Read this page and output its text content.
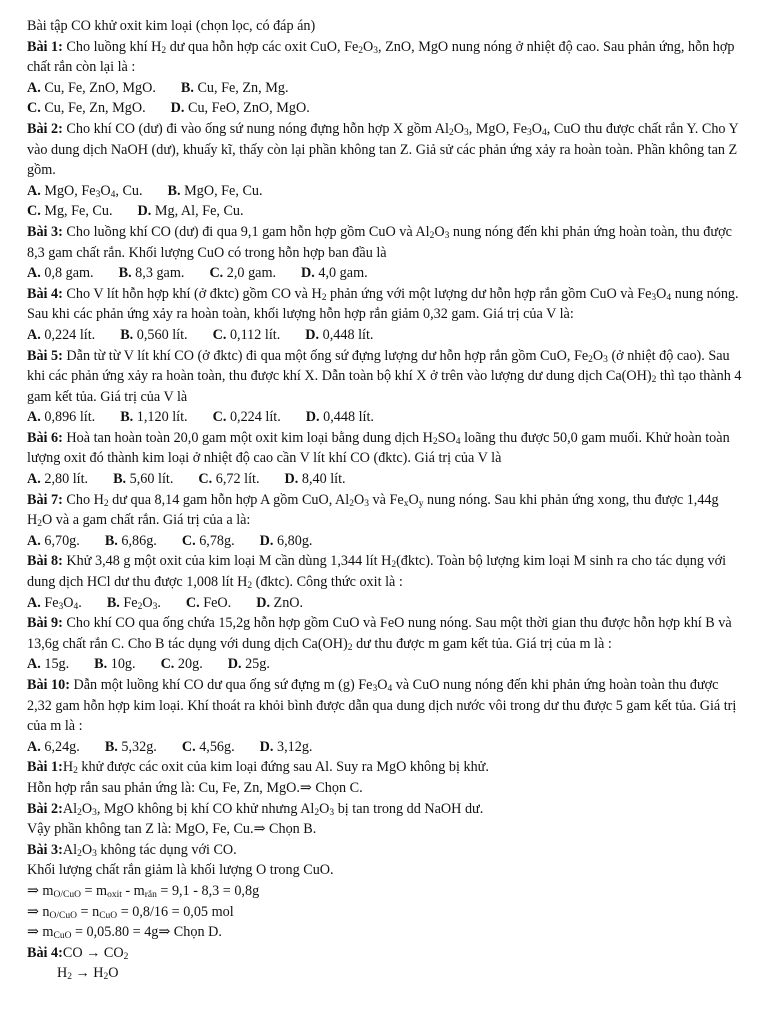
Bài tập CO khử oxit kim loại (chọn lọc, có đáp án)
Bài 1: Cho luồng khí $H_2$ dư qua hỗn hợp các oxit CuO, $Fe_2O_3$, ZnO, MgO nung nóng ở nhiệt độ cao. Sau phản ứng, hỗn hợp chất rắn còn lại là :
A. Cu, Fe, ZnO, MgO. B. Cu, Fe, Zn, Mg.
C. Cu, Fe, Zn, MgO. D. Cu, FeO, ZnO, MgO.
Bài 2: Cho khí CO (dư) đi vào ống sứ nung nóng đựng hỗn hợp X gồm $Al_2O_3$, MgO, $Fe_3O_4$, CuO thu được chất rắn Y. Cho Y vào dung dịch NaOH (dư), khuấy kĩ, thấy còn lại phần không tan Z. Giả sử các phản ứng xảy ra hoàn toàn. Phần không tan Z gồm.
A. MgO, $Fe_3O_4$, Cu. B. MgO, Fe, Cu.
C. Mg, Fe, Cu. D. Mg, Al, Fe, Cu.
Bài 3: Cho luồng khí CO (dư) đi qua 9,1 gam hỗn hợp gồm CuO và $Al_2O_3$ nung nóng đến khi phản ứng hoàn toàn, thu được 8,3 gam chất rắn. Khối lượng CuO có trong hỗn hợp ban đầu là
A. 0,8 gam. B. 8,3 gam. C. 2,0 gam. D. 4,0 gam.
Bài 4: Cho V lít hỗn hợp khí (ở đktc) gồm CO và $H_2$ phản ứng với một lượng dư hỗn hợp rắn gồm CuO và $Fe_3O_4$ nung nóng. Sau khi các phản ứng xảy ra hoàn toàn, khối lượng hỗn hợp rắn giảm 0,32 gam. Giá trị của V là:
A. 0,224 lít. B. 0,560 lít. C. 0,112 lít. D. 0,448 lít.
Bài 5: Dẫn từ từ V lít khí CO (ở đktc) đi qua một ống sứ đựng lượng dư hỗn hợp rắn gồm CuO, $Fe_2O_3$ (ở nhiệt độ cao). Sau khi các phản ứng xảy ra hoàn toàn, thu được khí X. Dẫn toàn bộ khí X ở trên vào lượng dư dung dịch $Ca(OH)_2$ thì tạo thành 4 gam kết tủa. Giá trị của V là
A. 0,896 lít. B. 1,120 lít. C. 0,224 lít. D. 0,448 lít.
Bài 6: Hoà tan hoàn toàn 20,0 gam một oxit kim loại bằng dung dịch $H_2SO_4$ loãng thu được 50,0 gam muối. Khử hoàn toàn lượng oxit đó thành kim loại ở nhiệt độ cao cần V lít khí CO (đktc). Giá trị của V là
A. 2,80 lít. B. 5,60 lít. C. 6,72 lít. D. 8,40 lít.
Bài 7: Cho $H_2$ dư qua 8,14 gam hỗn hợp A gồm CuO, $Al_2O_3$ và $Fe_xO_y$ nung nóng. Sau khi phản ứng xong, thu được 1,44g $H_2O$ và a gam chất rắn. Giá trị của a là:
A. 6,70g. B. 6,86g. C. 6,78g. D. 6,80g.
Bài 8: Khử 3,48 g một oxit của kim loại M cần dùng 1,344 lít $H_2(đktc)$. Toàn bộ lượng kim loại M sinh ra cho tác dụng với dung dịch HCl dư thu được 1,008 lít $H_2$ (đktc). Công thức oxit là :
A. $Fe_3O_4$. B. $Fe_2O_3$. C. FeO. D. ZnO.
Bài 9: Cho khí CO qua ống chứa 15,2g hỗn hợp gồm CuO và FeO nung nóng. Sau một thời gian thu được hỗn hợp khí B và 13,6g chất rắn C. Cho B tác dụng với dung dịch $Ca(OH)_2$ dư thu được m gam kết tủa. Giá trị của m là :
A. 15g. B. 10g. C. 20g. D. 25g.
Bài 10: Dẫn một luồng khí CO dư qua ống sứ đựng m (g) $Fe_3O_4$ và CuO nung nóng đến khi phản ứng hoàn toàn thu được 2,32 gam hỗn hợp kim loại. Khí thoát ra khỏi bình được dẫn qua dung dịch nước vôi trong dư thu được 5 gam kết tủa. Giá trị của m là :
A. 6,24g. B. 5,32g. C. 4,56g. D. 3,12g.
Bài $1:H_2$ khử được các oxit của kim loại đứng sau Al. Suy ra MgO không bị khử.
Hỗn hợp rắn sau phản ứng là: Cu, Fe, Zn, MgO.⇒ Chọn C.
Bài $2:Al_2O_3$, MgO không bị khí CO khử nhưng $Al_2O_3$ bị tan trong dd NaOH dư.
Vậy phần không tan Z là: MgO, Fe, Cu.⇒ Chọn B.
Bài $3:Al_2O_3$ không tác dụng với CO.
Khối lượng chất rắn giảm là khối lượng O trong CuO.
⇒ $m_{O/CuO} = m_{oxit} - m_{rắn} = 9,1 - 8,3 = 0,8g$
⇒ $n_{O/CuO} = n_{CuO} = 0,8/16 = 0,05$ mol
⇒ $m_{CuO} = 0,05.80$ = 4g⇒ Chọn D.
Bài 4:CO → $CO_2$
$H_2 \to H_2O$
